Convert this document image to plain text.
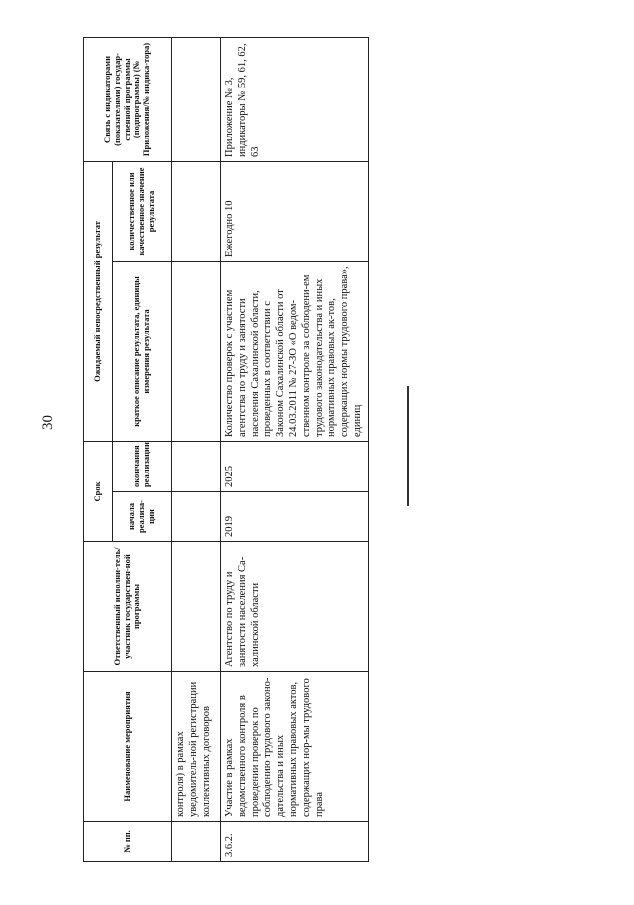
30
№ пп.	Наименование мероприятия	Ответственный исполни-тель/участник государствен-ной программы	Срок		Ожидаемый непосредственный результат		Связь с индикаторами (показателями) государ-ственной программы (подпрограммы) (№ Приложения/№ индика-тора)
			начала реализа-ции	окончания реализации	краткое описание результата, единицы измерения результата	количественное или качественное значение результата	
	контроля) в рамках уведомитель-ной регистрации коллективных договоров						
3.6.2.	Участие в рамках ведомственного контроля в проведении проверок по соблюдению трудового законо-дательства и иных нормативных правовых актов, содержащих нор-мы трудового права	Агентство по труду и занятости населения Са-халинской области	2019	2025	Количество проверок с участием агентства по труду и занятости населения Сахалинской области, проведенных в соответствии с Законом Сахалинской области от 24.03.2011 № 27-ЗО «О ведом-ственном контроле за соблюдени-ем трудового законодательства и иных нормативных правовых ак-тов, содержащих нормы трудового права», единиц	Ежегодно 10	Приложение № 3, индикаторы № 59, 61, 62, 63
